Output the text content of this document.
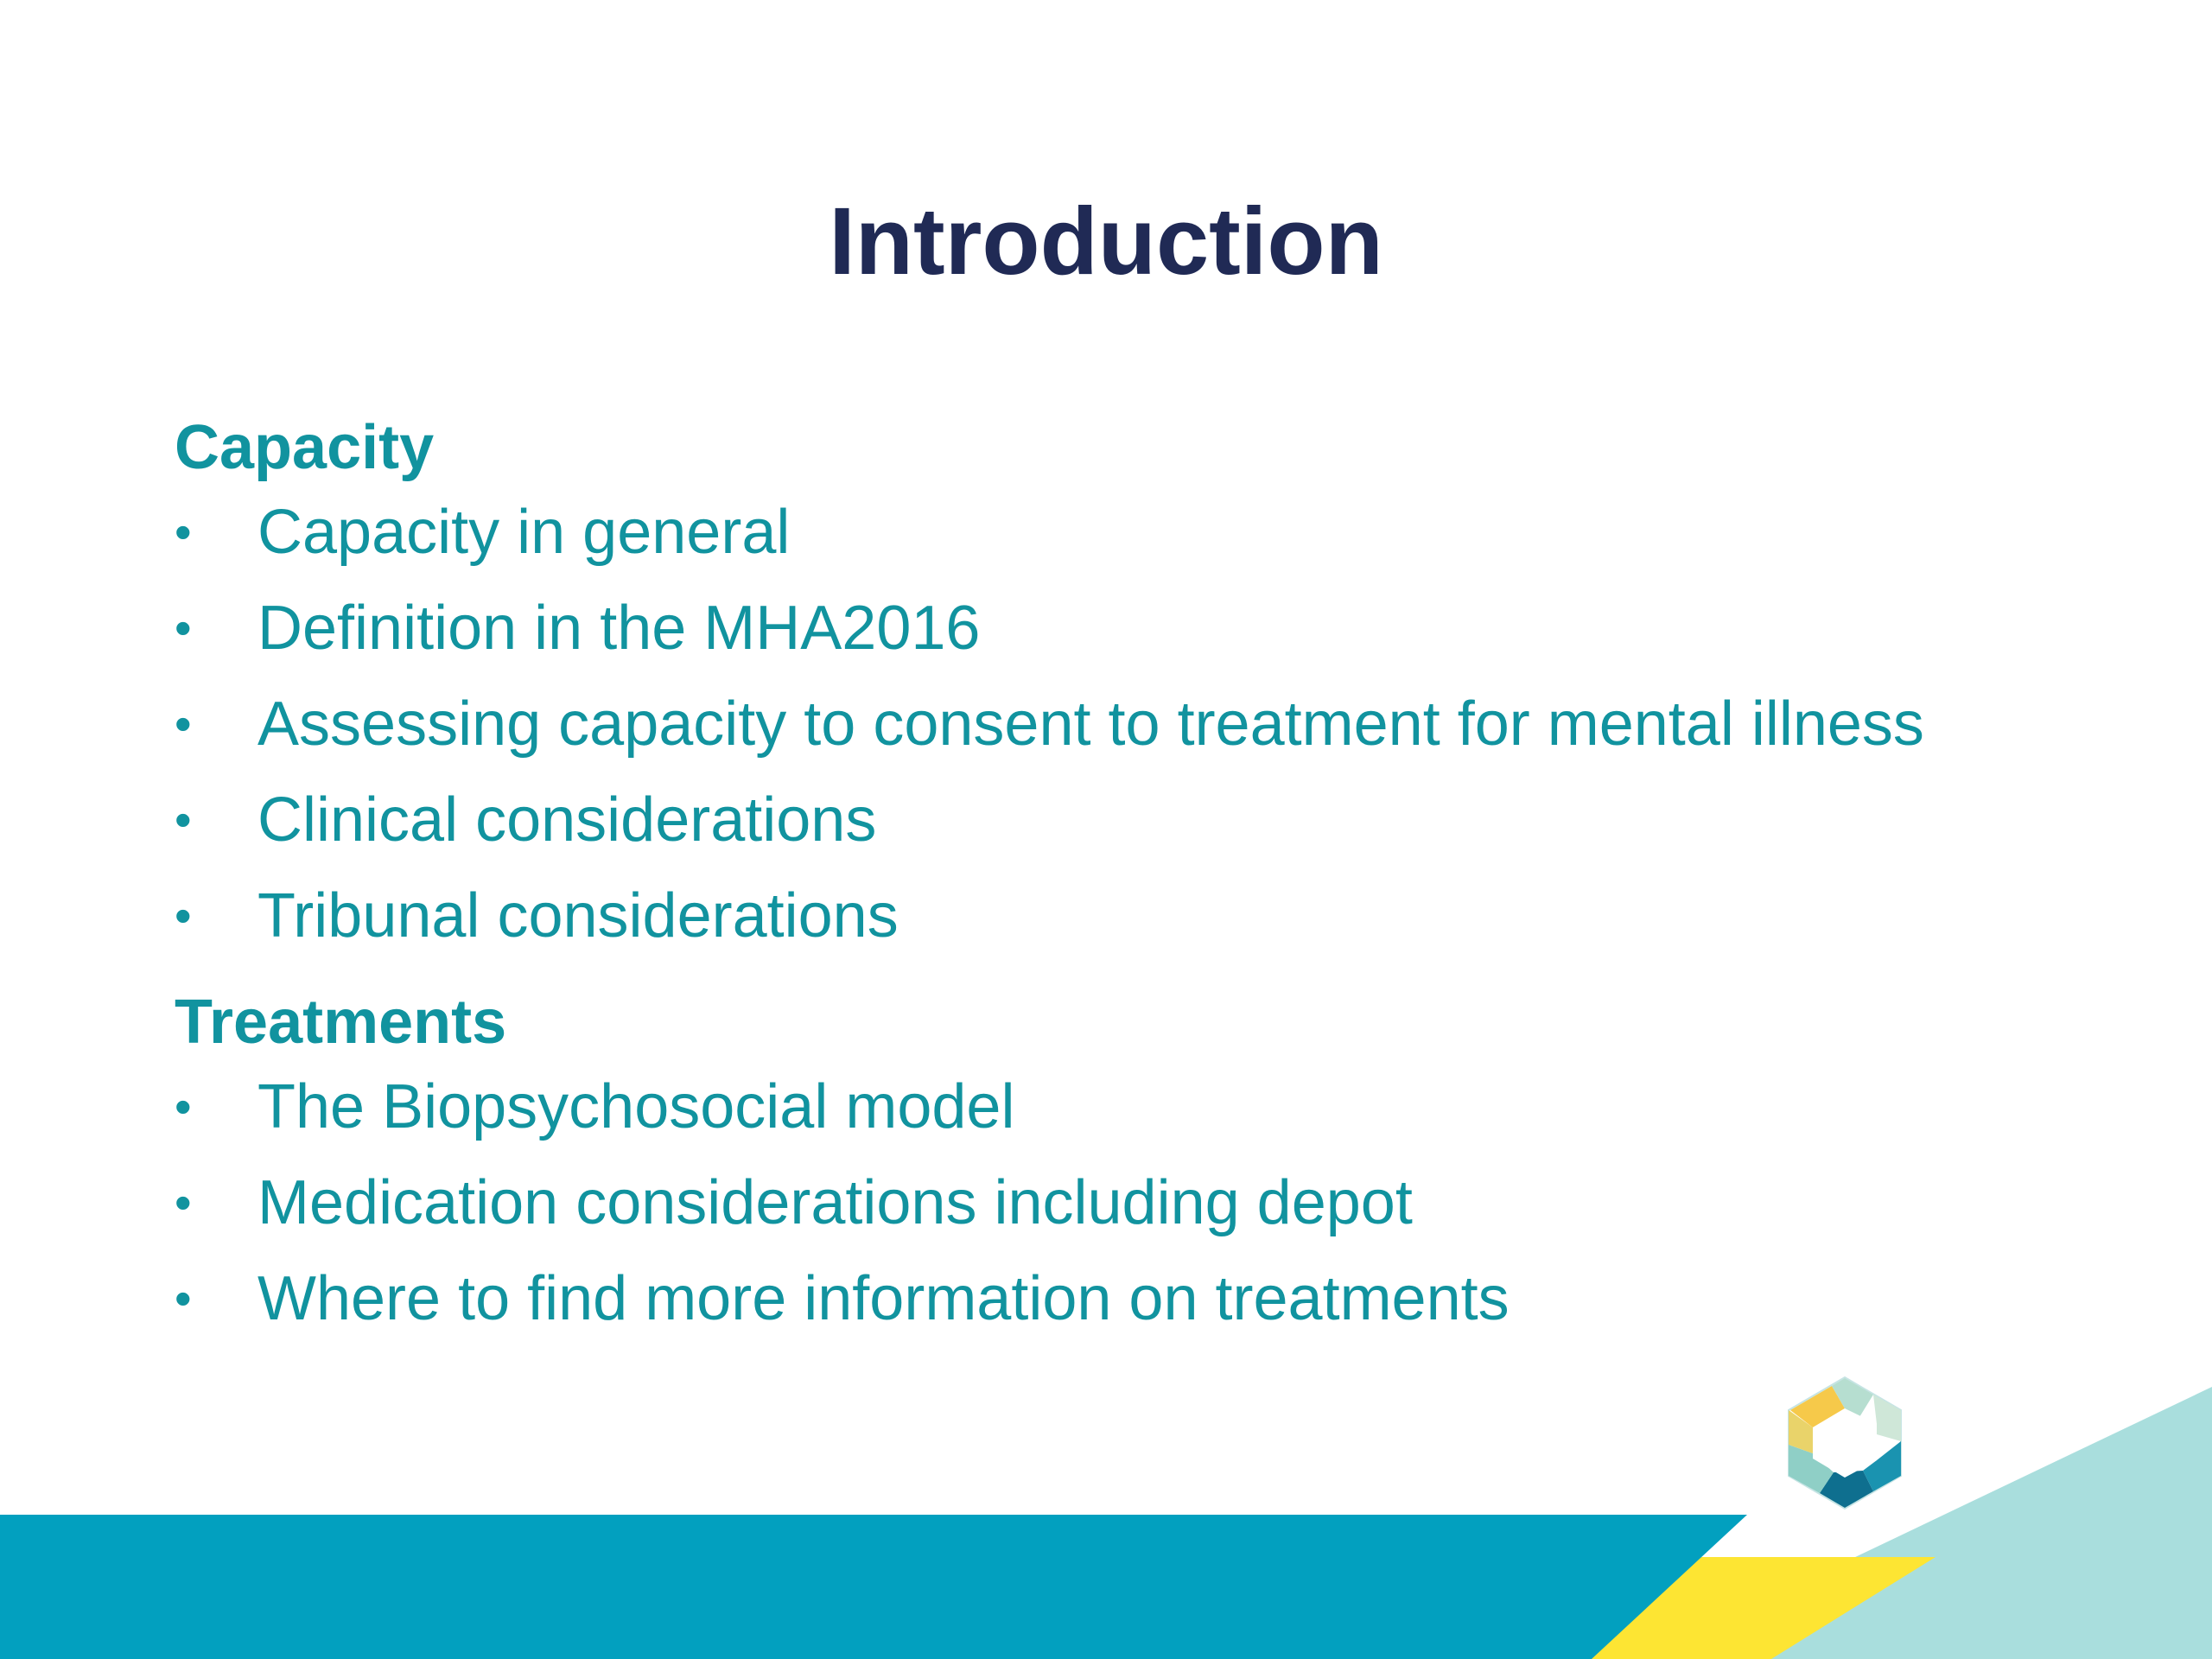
Introduction
Capacity
• Capacity in general
• Definition in the MHA2016
• Assessing capacity to consent to treatment for mental illness
• Clinical considerations
• Tribunal considerations
Treatments
• The Biopsychosocial model
• Medication considerations including depot
• Where to find more information on treatments
